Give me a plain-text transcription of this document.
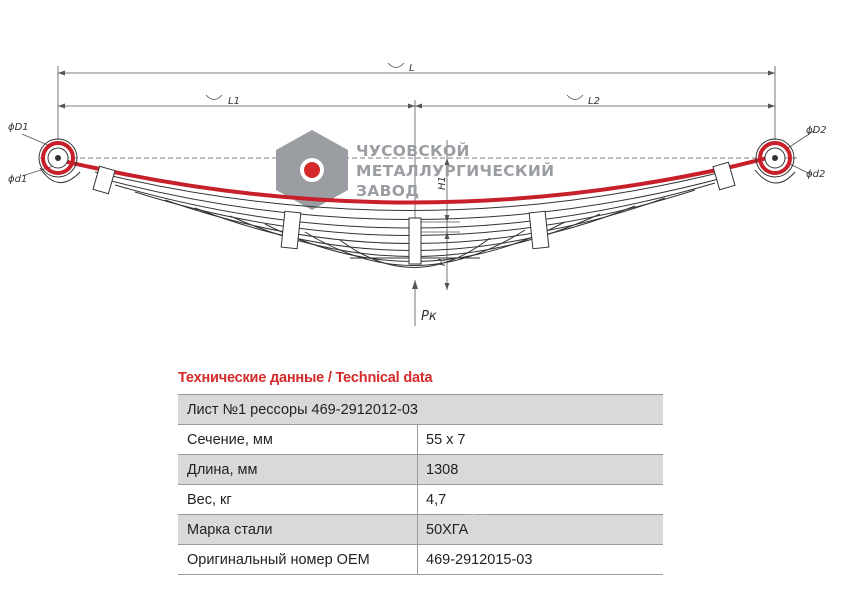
L
L1	L2
ϕD1
ϕd1
ϕD2
ϕd2
H1
H
Pк
ЧУСОВСКОЙ
МЕТАЛЛУРГИЧЕСКИЙ
ЗАВОД
Технические данные / Technical data
Лист №1 рессоры 469-2912012-03	
Сечение, мм	55 x 7
Длина, мм	1308
Вес, кг	4,7
Марка стали	50ХГА
Оригинальный номер OEM	469-2912015-03
.ru
